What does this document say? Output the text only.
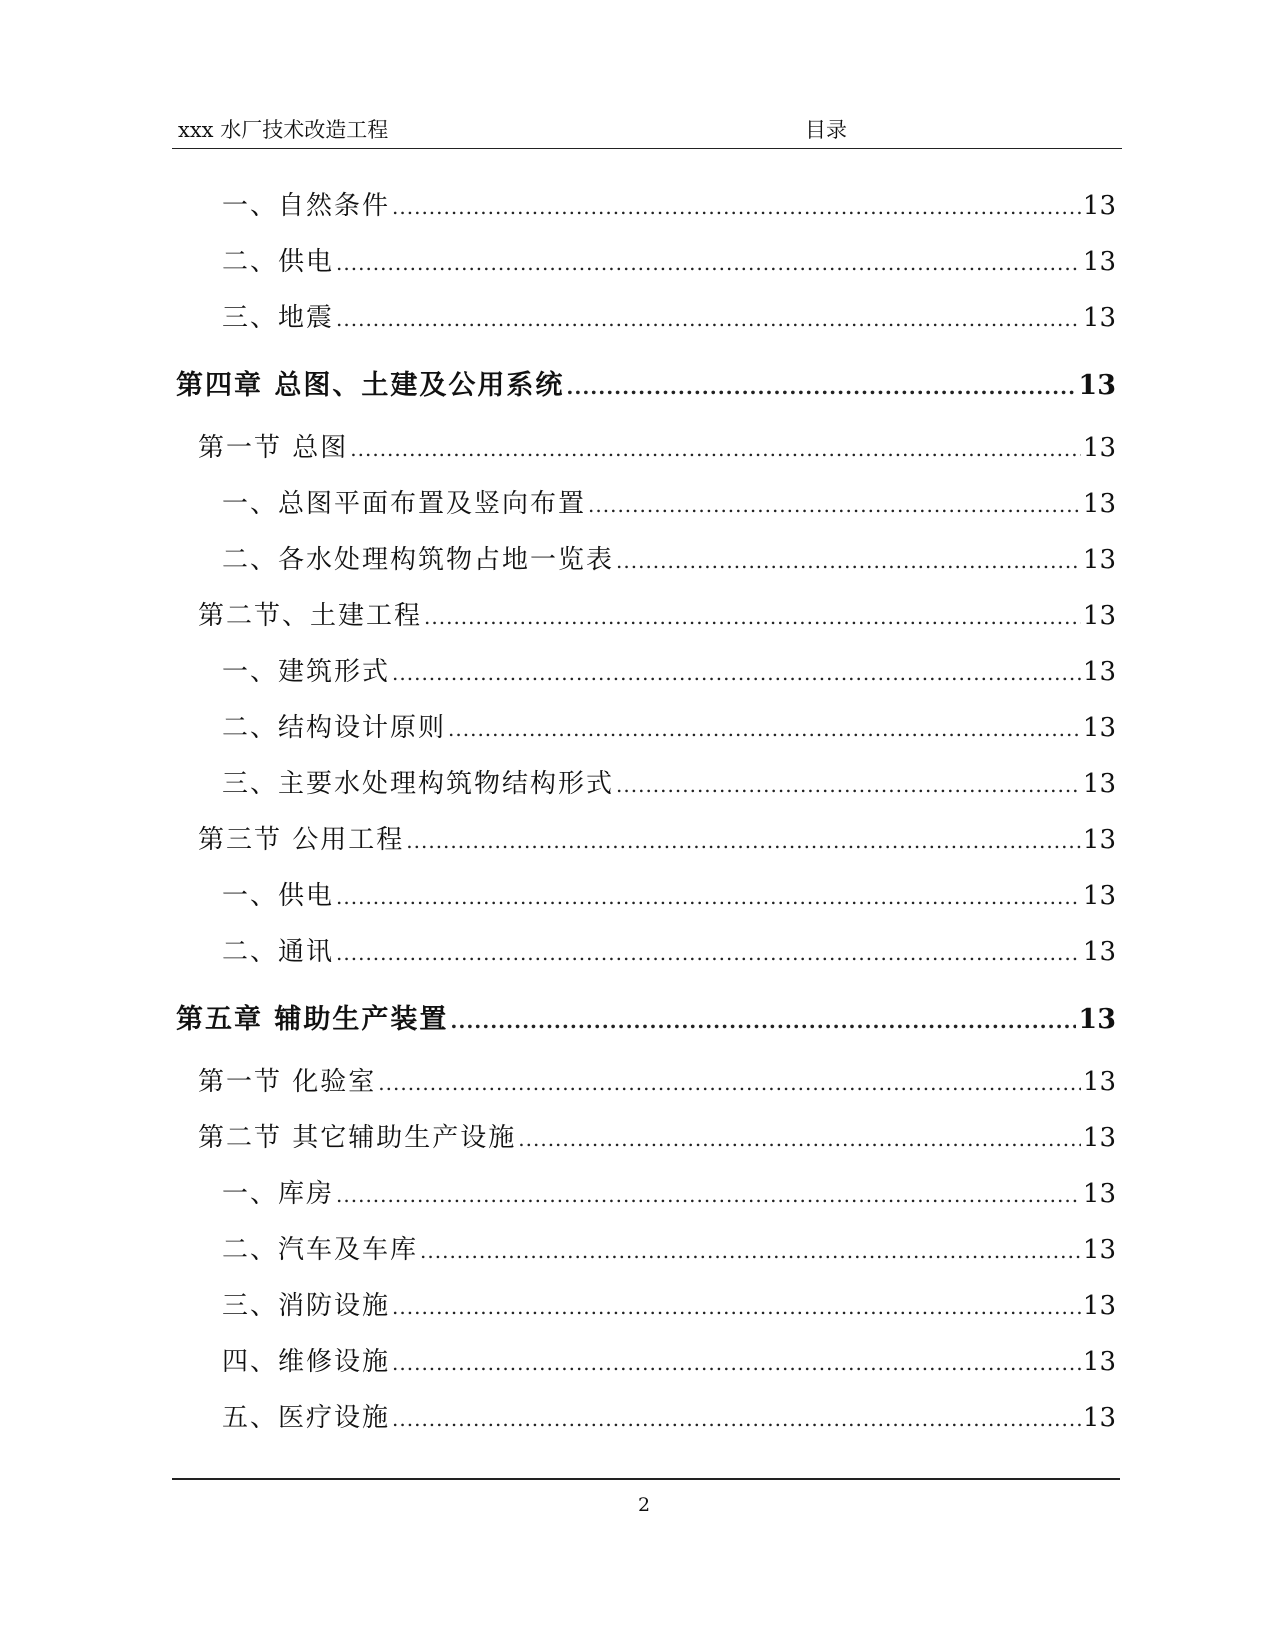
xxx 水厂技术改造工程	目录
一、自然条件 .....	13
二、供电 .....	13
三、地震 .....	13
第四章 总图、土建及公用系统 .....	13
第一节 总图 .....	13
一、总图平面布置及竖向布置 .....	13
二、各水处理构筑物占地一览表 .....	13
第二节、土建工程 .....	13
一、建筑形式 .....	13
二、结构设计原则 .....	13
三、主要水处理构筑物结构形式 .....	13
第三节 公用工程 .....	13
一、供电 .....	13
二、通讯 .....	13
第五章 辅助生产装置 .....	13
第一节 化验室 .....	13
第二节 其它辅助生产设施 .....	13
一、库房 .....	13
二、汽车及车库 .....	13
三、消防设施 .....	13
四、维修设施 .....	13
五、医疗设施 .....	13
2
